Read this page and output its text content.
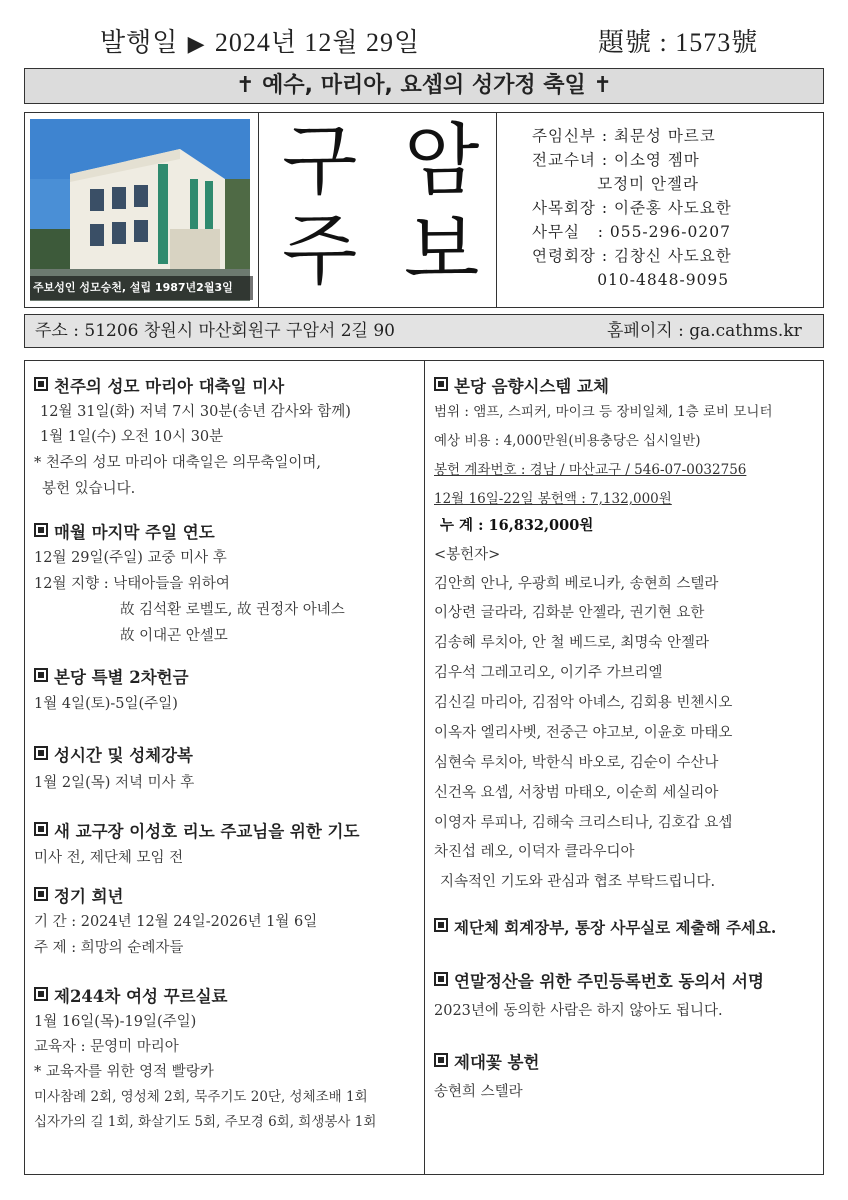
발행일 ▶ 2024년 12월 29일	題號 : 1573號
✝ 예수, 마리아, 요셉의 성가정 축일 ✝
주보성인 성모승천, 설립 1987년2월3일
구 암
주 보
주임신부 : 최문성 마르코
전교수녀 : 이소영 젬마
모정미 안젤라
사목회장 : 이준홍 사도요한
사무실   : 055-296-0207
연령회장 : 김창신 사도요한
010-4848-9095
주소 : 51206 창원시 마산회원구 구암서 2길 90	홈페이지 : ga.cathms.kr
천주의 성모 마리아 대축일 미사
12월 31일(화) 저녁 7시 30분(송년 감사와 함께)
1월 1일(수) 오전 10시 30분
* 천주의 성모 마리아 대축일은 의무축일이며,
봉헌 있습니다.
매월 마지막 주일 연도
12월 29일(주일) 교중 미사 후
12월 지향 : 낙태아들을 위하여
故 김석환 로벨도, 故 권정자 아녜스
故 이대곤 안셀모
본당 특별 2차헌금
1월 4일(토)-5일(주일)
성시간 및 성체강복
1월 2일(목) 저녁 미사 후
새 교구장 이성호 리노 주교님을 위한 기도
미사 전, 제단체 모임 전
정기 희년
기 간 : 2024년 12월 24일-2026년 1월 6일
주 제 : 희망의 순례자들
제244차 여성 꾸르실료
1월 16일(목)-19일(주일)
교육자 : 문영미 마리아
* 교육자를 위한 영적 빨랑카
미사참례 2회, 영성체 2회, 묵주기도 20단, 성체조배 1회
십자가의 길 1회, 화살기도 5회, 주모경 6회, 희생봉사 1회
본당 음향시스템 교체
범위 : 앰프, 스피커, 마이크 등 장비일체, 1층 로비 모니터
예상 비용 : 4,000만원(비용충당은 십시일반)
봉헌 계좌번호 : 경남 / 마산교구 / 546-07-0032756
12월 16일-22일 봉헌액 : 7,132,000원
누 계 : 16,832,000원
<봉헌자>
김안희 안나, 우광희 베로니카, 송현희 스텔라
이상련 글라라, 김화분 안젤라, 권기현 요한
김송혜 루치아, 안 철 베드로, 최명숙 안젤라
김우석 그레고리오, 이기주 가브리엘
김신길 마리아, 김점악 아녜스, 김회용 빈첸시오
이옥자 엘리사벳, 전중근 야고보, 이윤호 마태오
심현숙 루치아, 박한식 바오로, 김순이 수산나
신건옥 요셉, 서창범 마태오, 이순희 세실리아
이영자 루피나, 김해숙 크리스티나, 김호갑 요셉
차진섭 레오, 이덕자 클라우디아
지속적인 기도와 관심과 협조 부탁드립니다.
제단체 회계장부, 통장 사무실로 제출해 주세요.
연말정산을 위한 주민등록번호 동의서 서명
2023년에 동의한 사람은 하지 않아도 됩니다.
제대꽃 봉헌
송현희 스텔라
